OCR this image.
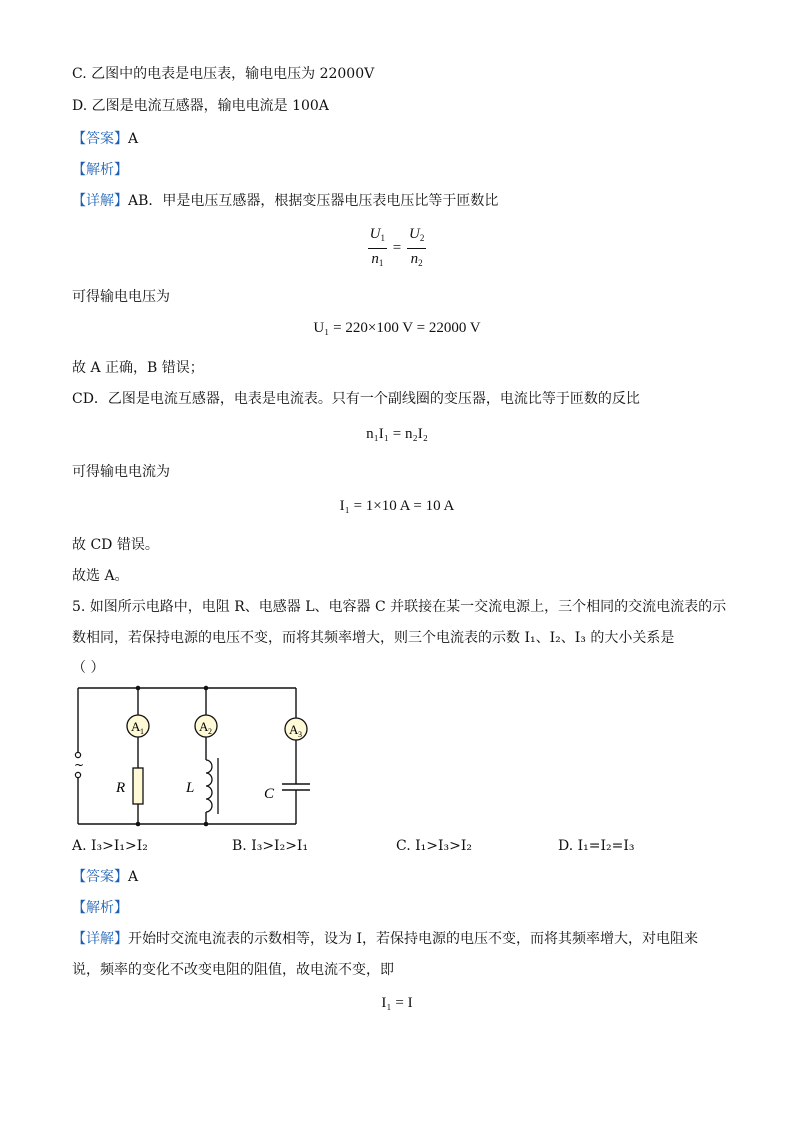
C. 乙图中的电表是电压表，输电电压为 22000V
D. 乙图是电流互感器，输电电流是 100A
【答案】A
【解析】
【详解】AB．甲是电压互感器，根据变压器电压表电压比等于匝数比
$\frac{U_1}{n_1} = \frac{U_2}{n_2}$
可得输电电压为
U₁ = 220×100 V = 22000 V
故 A 正确，B 错误；
CD．乙图是电流互感器，电表是电流表。只有一个副线圈的变压器，电流比等于匝数的反比
n₁I₁ = n₂I₂
可得输电电流为
I₁ = 1×10 A = 10 A
故 CD 错误。
故选 A。
5. 如图所示电路中，电阻 R、电感器 L、电容器 C 并联接在某一交流电源上，三个相同的交流电流表的示
数相同，若保持电源的电压不变，而将其频率增大，则三个电流表的示数 I₁、I₂、I₃ 的大小关系是
（ ）
~
A 1	A 2	A 3
R	L	C
A. I₃>I₁>I₂	B. I₃>I₂>I₁	C. I₁>I₃>I₂	D. I₁=I₂=I₃
【答案】A
【解析】
【详解】开始时交流电流表的示数相等，设为 I，若保持电源的电压不变，而将其频率增大，对电阻来
说，频率的变化不改变电阻的阻值，故电流不变，即
I₁ = I
